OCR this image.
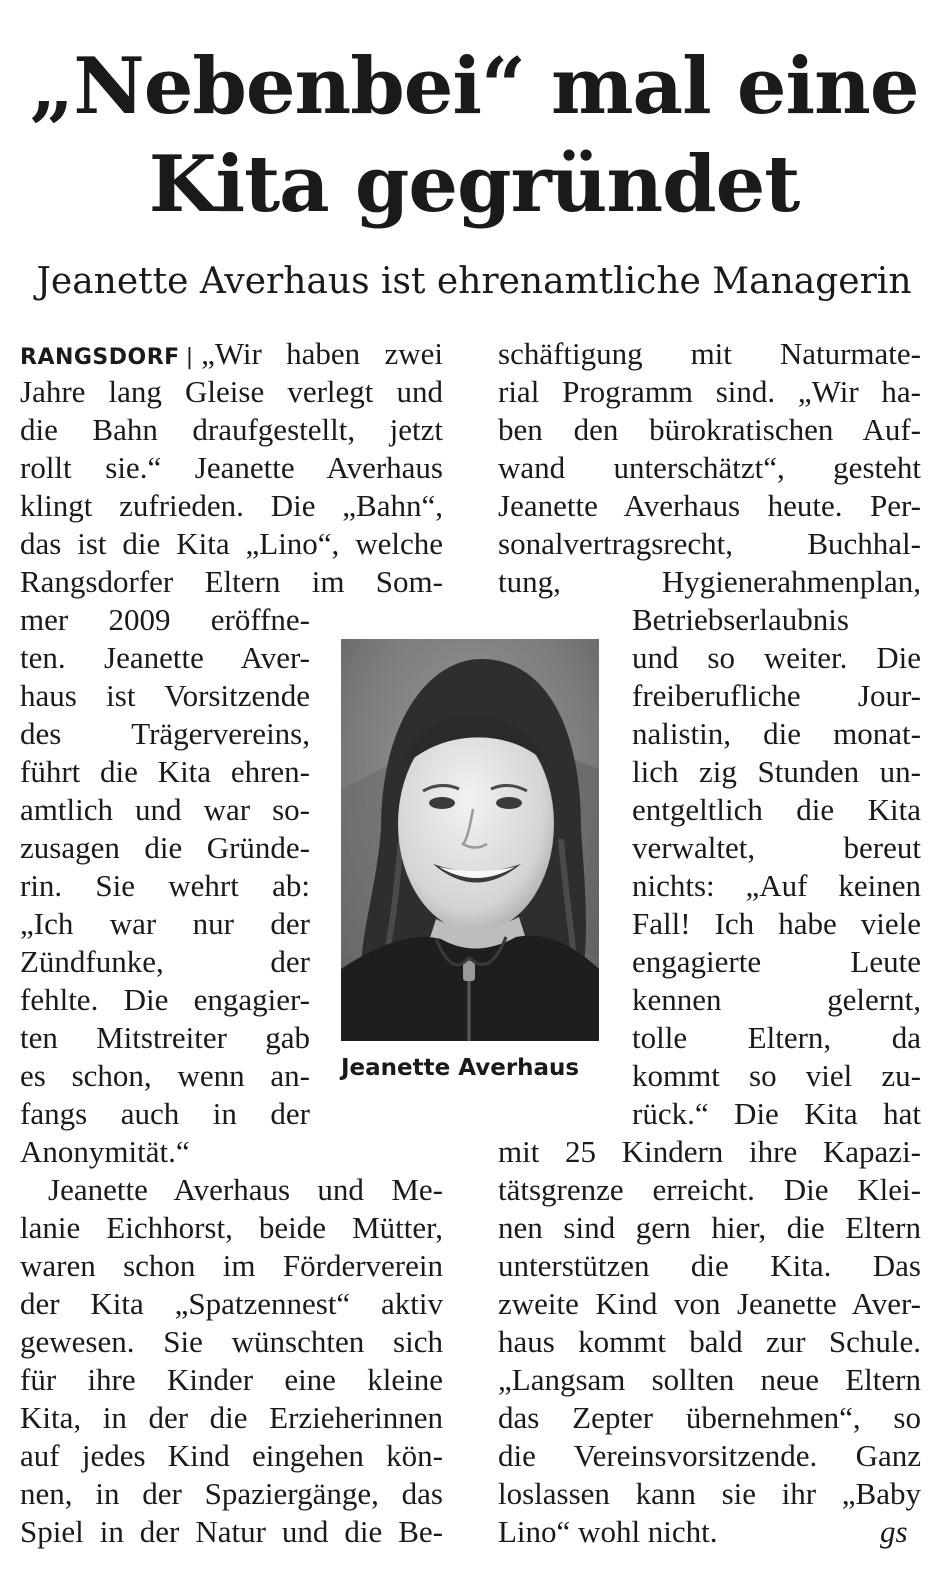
„Nebenbei“ mal eine
Kita gegründet
Jeanette Averhaus ist ehrenamtliche Managerin
RANGSDORF | „Wir haben zwei
Jahre lang Gleise verlegt und
die Bahn draufgestellt, jetzt
rollt sie.“ Jeanette Averhaus
klingt zufrieden. Die „Bahn“,
das ist die Kita „Lino“, welche
Rangsdorfer Eltern im Som-
mer 2009 eröffne-
ten. Jeanette Aver-
haus ist Vorsitzende
des Trägervereins,
führt die Kita ehren-
amtlich und war so-
zusagen die Gründe-
rin. Sie wehrt ab:
„Ich war nur der
Zündfunke, der
fehlte. Die engagier-
ten Mitstreiter gab
es schon, wenn an-
fangs auch in der
Anonymität.“
Jeanette Averhaus und Me-
lanie Eichhorst, beide Mütter,
waren schon im Förderverein
der Kita „Spatzennest“ aktiv
gewesen. Sie wünschten sich
für ihre Kinder eine kleine
Kita, in der die Erzieherinnen
auf jedes Kind eingehen kön-
nen, in der Spaziergänge, das
Spiel in der Natur und die Be-
Jeanette Averhaus
schäftigung mit Naturmate-
rial Programm sind. „Wir ha-
ben den bürokratischen Auf-
wand unterschätzt“, gesteht
Jeanette Averhaus heute. Per-
sonalvertragsrecht, Buchhal-
tung, Hygienerahmenplan,
Betriebserlaubnis
und so weiter. Die
freiberufliche Jour-
nalistin, die monat-
lich zig Stunden un-
entgeltlich die Kita
verwaltet, bereut
nichts: „Auf keinen
Fall! Ich habe viele
engagierte Leute
kennen gelernt,
tolle Eltern, da
kommt so viel zu-
rück.“ Die Kita hat
mit 25 Kindern ihre Kapazi-
tätsgrenze erreicht. Die Klei-
nen sind gern hier, die Eltern
unterstützen die Kita. Das
zweite Kind von Jeanette Aver-
haus kommt bald zur Schule.
„Langsam sollten neue Eltern
das Zepter übernehmen“, so
die Vereinsvorsitzende. Ganz
loslassen kann sie ihr „Baby
Lino“ wohl nicht.	gs
